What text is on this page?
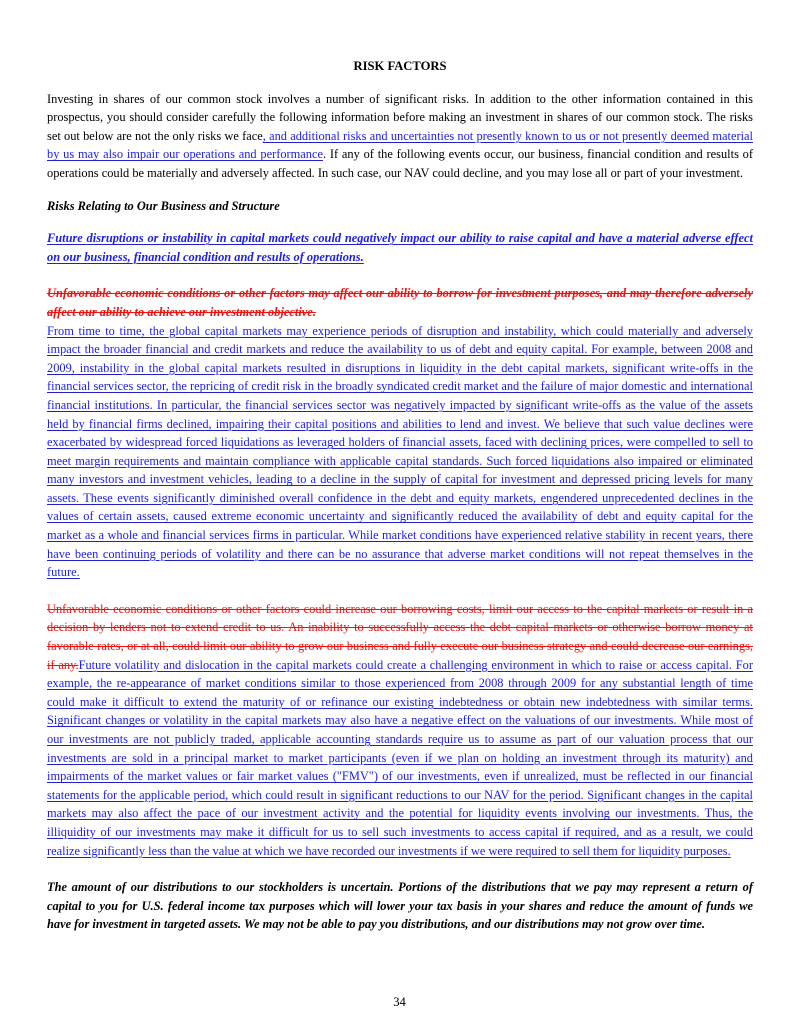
RISK FACTORS

Investing in shares of our common stock involves a number of significant risks. In addition to the other information contained in this prospectus, you should consider carefully the following information before making an investment in shares of our common stock. The risks set out below are not the only risks we face, and additional risks and uncertainties not presently known to us or not presently deemed material by us may also impair our operations and performance. If any of the following events occur, our business, financial condition and results of operations could be materially and adversely affected. In such case, our NAV could decline, and you may lose all or part of your investment.

Risks Relating to Our Business and Structure

Future disruptions or instability in capital markets could negatively impact our ability to raise capital and have a material adverse effect on our business, financial condition and results of operations.

Unfavorable economic conditions or other factors may affect our ability to borrow for investment purposes, and may therefore adversely affect our ability to achieve our investment objective.

From time to time, the global capital markets may experience periods of disruption and instability, which could materially and adversely impact the broader financial and credit markets and reduce the availability to us of debt and equity capital. For example, between 2008 and 2009, instability in the global capital markets resulted in disruptions in liquidity in the debt capital markets, significant write-offs in the financial services sector, the repricing of credit risk in the broadly syndicated credit market and the failure of major domestic and international financial institutions. In particular, the financial services sector was negatively impacted by significant write-offs as the value of the assets held by financial firms declined, impairing their capital positions and abilities to lend and invest. We believe that such value declines were exacerbated by widespread forced liquidations as leveraged holders of financial assets, faced with declining prices, were compelled to sell to meet margin requirements and maintain compliance with applicable capital standards. Such forced liquidations also impaired or eliminated many investors and investment vehicles, leading to a decline in the supply of capital for investment and depressed pricing levels for many assets. These events significantly diminished overall confidence in the debt and equity markets, engendered unprecedented declines in the values of certain assets, caused extreme economic uncertainty and significantly reduced the availability of debt and equity capital for the market as a whole and financial services firms in particular. While market conditions have experienced relative stability in recent years, there have been continuing periods of volatility and there can be no assurance that adverse market conditions will not repeat themselves in the future.

Unfavorable economic conditions or other factors could increase our borrowing costs, limit our access to the capital markets or result in a decision by lenders not to extend credit to us. An inability to successfully access the debt capital markets or otherwise borrow money at favorable rates, or at all, could limit our ability to grow our business and fully execute our business strategy and could decrease our earnings, if any.Future volatility and dislocation in the capital markets could create a challenging environment in which to raise or access capital. For example, the re-appearance of market conditions similar to those experienced from 2008 through 2009 for any substantial length of time could make it difficult to extend the maturity of or refinance our existing indebtedness or obtain new indebtedness with similar terms. Significant changes or volatility in the capital markets may also have a negative effect on the valuations of our investments. While most of our investments are not publicly traded, applicable accounting standards require us to assume as part of our valuation process that our investments are sold in a principal market to market participants (even if we plan on holding an investment through its maturity) and impairments of the market values or fair market values ("FMV") of our investments, even if unrealized, must be reflected in our financial statements for the applicable period, which could result in significant reductions to our NAV for the period. Significant changes in the capital markets may also affect the pace of our investment activity and the potential for liquidity events involving our investments. Thus, the illiquidity of our investments may make it difficult for us to sell such investments to access capital if required, and as a result, we could realize significantly less than the value at which we have recorded our investments if we were required to sell them for liquidity purposes.

The amount of our distributions to our stockholders is uncertain. Portions of the distributions that we pay may represent a return of capital to you for U.S. federal income tax purposes which will lower your tax basis in your shares and reduce the amount of funds we have for investment in targeted assets. We may not be able to pay you distributions, and our distributions may not grow over time.

34
